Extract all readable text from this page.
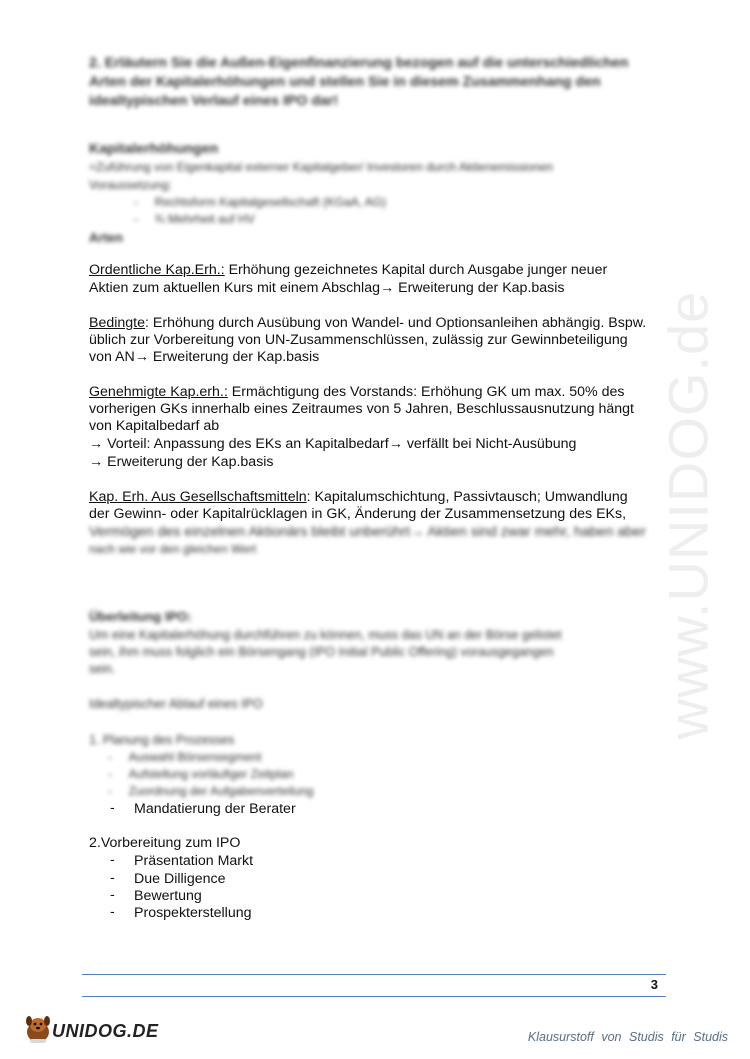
www.UNIDOG.de
2. Erläutern Sie die Außen-Eigenfinanzierung bezogen auf die unterschiedlichen
Arten der Kapitalerhöhungen und stellen Sie in diesem Zusammenhang den
idealtypischen Verlauf eines IPO dar!
Kapitalerhöhungen
=Zuführung von Eigenkapital externer Kapitalgeber/ Investoren durch Aktienemissionen
Voraussetzung:
-     Rechtsform Kapitalgesellschaft (KGaA, AG)
-     ¾ Mehrheit auf HV
Arten
Ordentliche Kap.Erh.: Erhöhung gezeichnetes Kapital durch Ausgabe junger neuer
Aktien zum aktuellen Kurs mit einem Abschlag→ Erweiterung der Kap.basis
Bedingte: Erhöhung durch Ausübung von Wandel- und Optionsanleihen abhängig. Bspw.
üblich zur Vorbereitung von UN-Zusammenschlüssen, zulässig zur Gewinnbeteiligung
von AN→ Erweiterung der Kap.basis
Genehmigte Kap.erh.: Ermächtigung des Vorstands: Erhöhung GK um max. 50% des
vorherigen GKs innerhalb eines Zeitraumes von 5 Jahren, Beschlussausnutzung hängt
von Kapitalbedarf ab
→ Vorteil: Anpassung des EKs an Kapitalbedarf→ verfällt bei Nicht-Ausübung
→ Erweiterung der Kap.basis
Kap. Erh. Aus Gesellschaftsmitteln: Kapitalumschichtung, Passivtausch; Umwandlung
der Gewinn- oder Kapitalrücklagen in GK, Änderung der Zusammensetzung des EKs,
Vermögen des einzelnen Aktionärs bleibt unberührt→ Aktien sind zwar mehr, haben aber
nach wie vor den gleichen Wert
Überleitung IPO:
Um eine Kapitalerhöhung durchführen zu können, muss das UN an der Börse gelistet
sein, ihm muss folglich ein Börsengang (IPO Initial Public Offering) vorausgegangen
sein.
Idealtypischer Ablauf eines IPO
1. Planung des Prozesses
-     Auswahl Börsensegment
-     Aufstellung vorläufiger Zeitplan
-     Zuordnung der Aufgabenverteilung
- Mandatierung der Berater
2.Vorbereitung zum IPO
- Präsentation Markt
- Due Dilligence
- Bewertung
- Prospekterstellung
3
UNIDOG.DE	Klausurstoff von Studis für Studis
